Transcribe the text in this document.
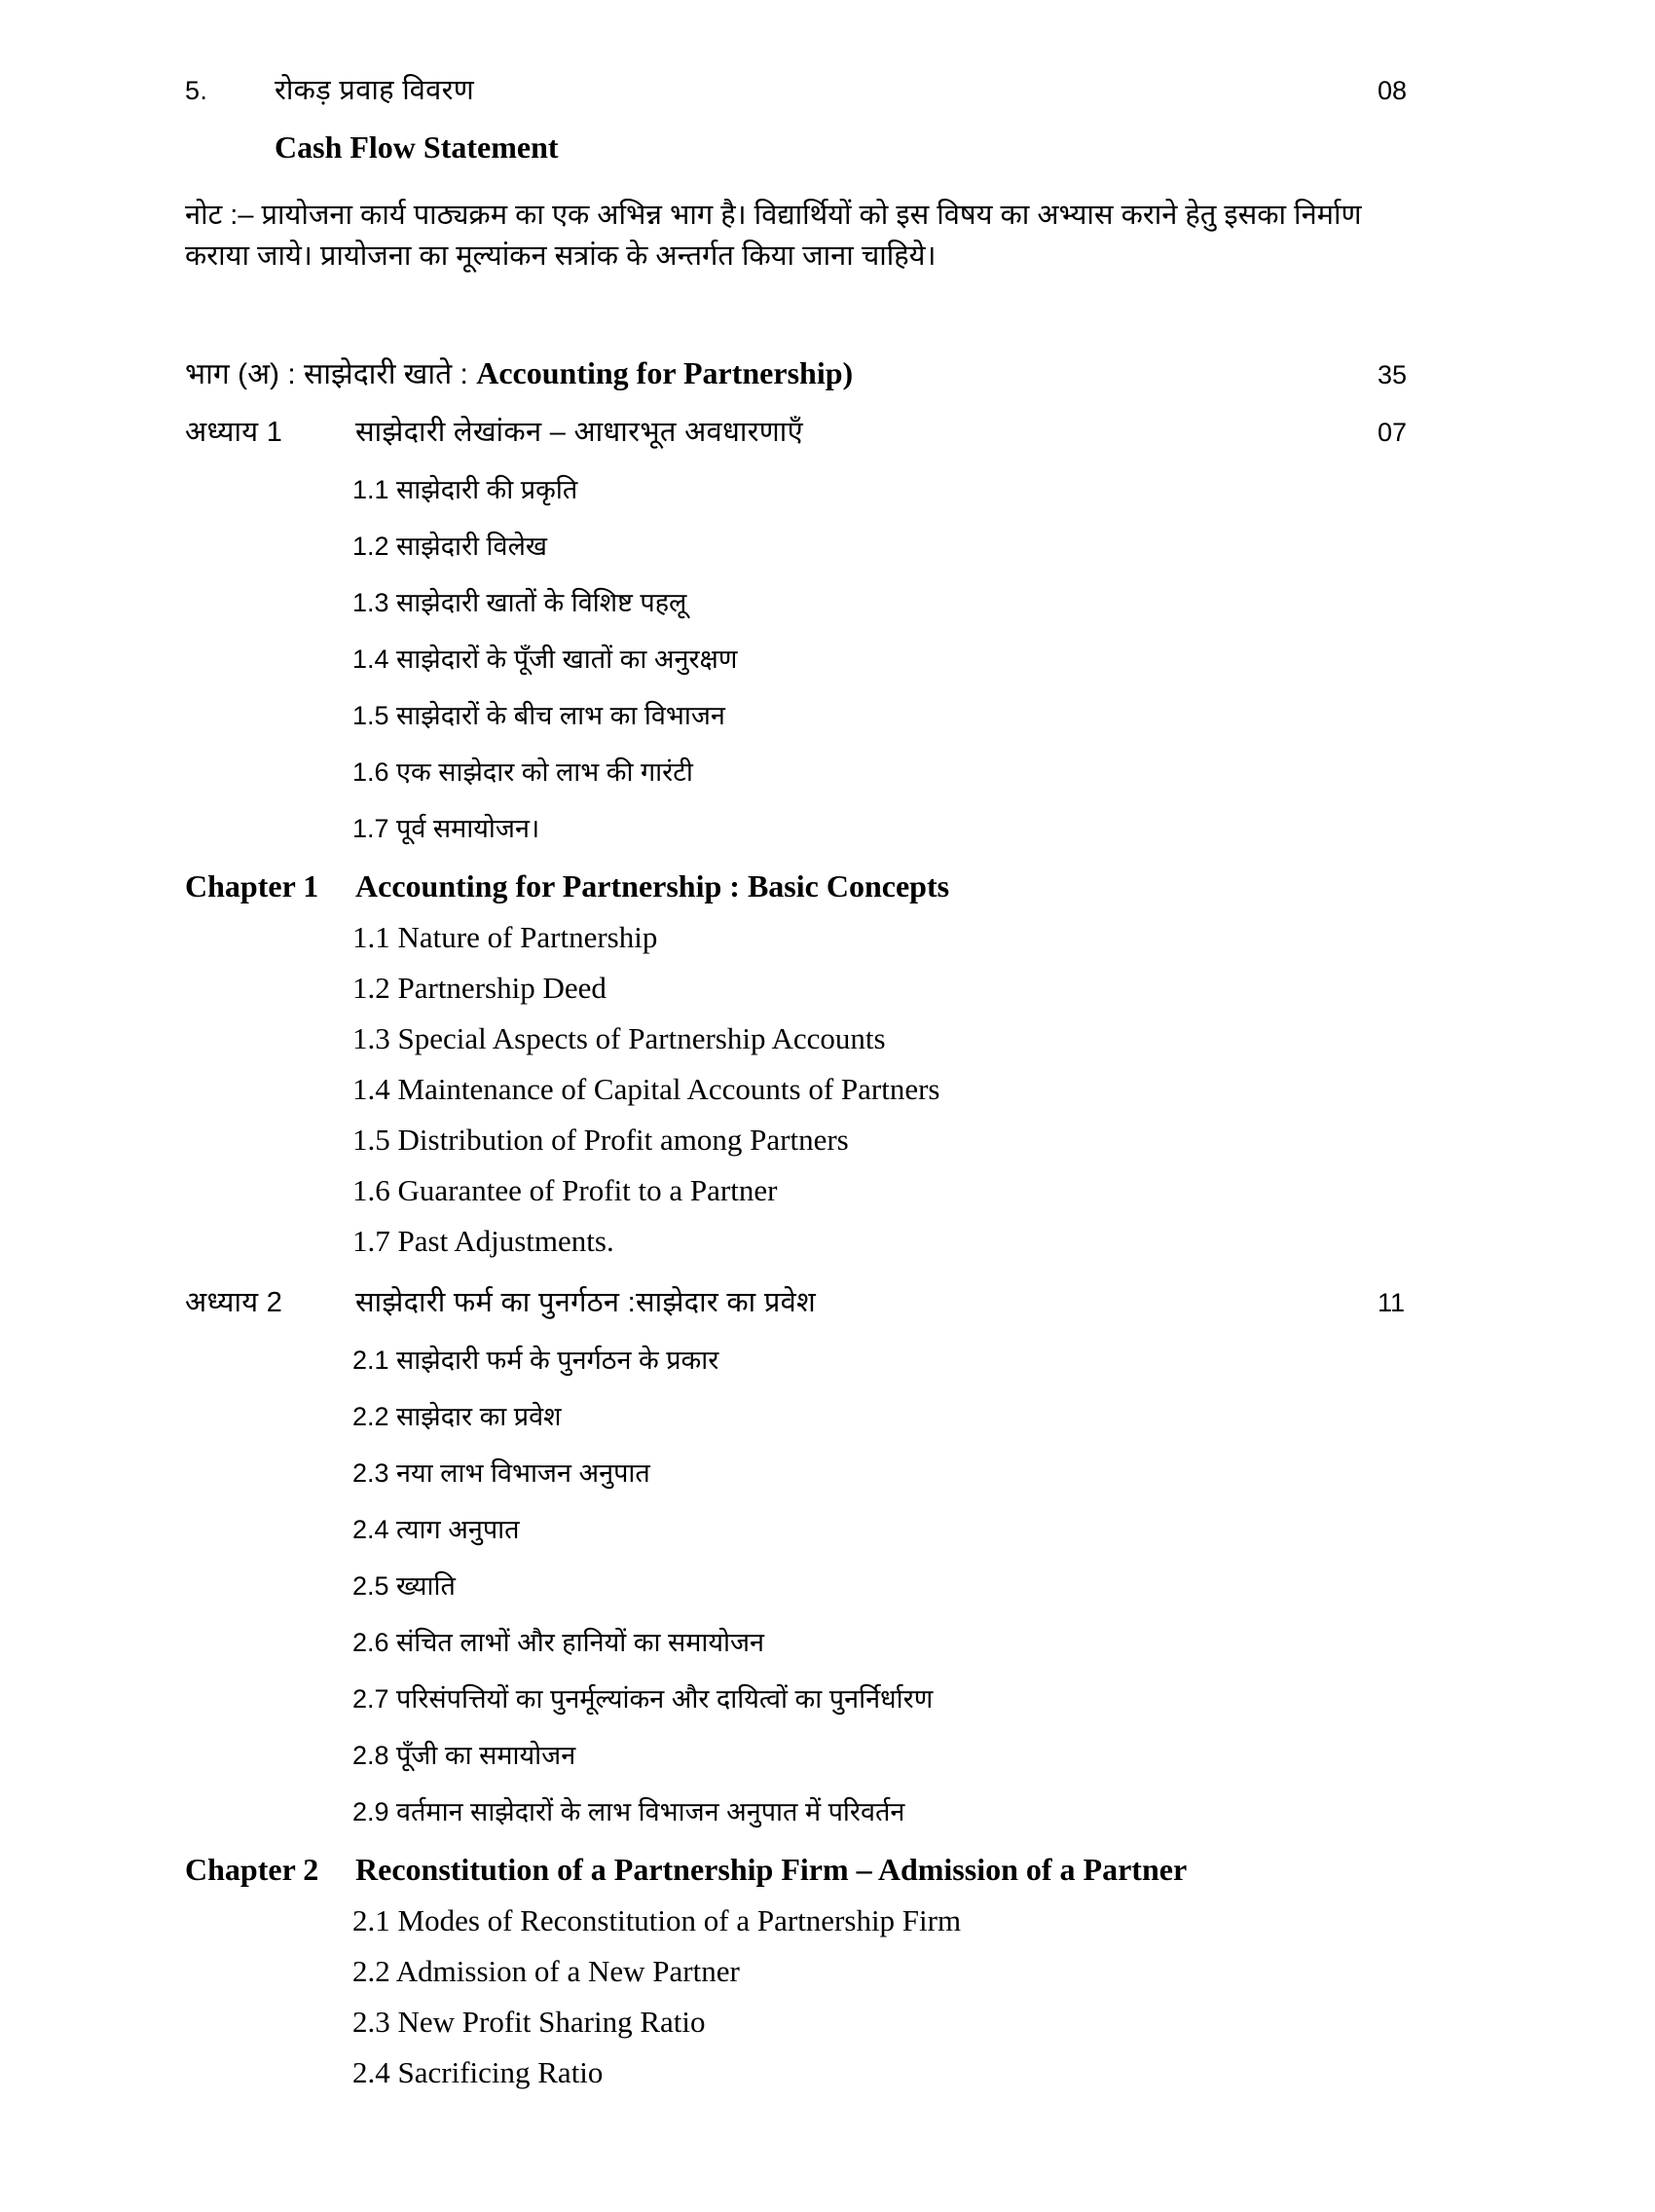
5.	रोकड़ प्रवाह विवरण	08
Cash Flow Statement
नोट :– प्रायोजना कार्य पाठ्यक्रम का एक अभिन्न भाग है। विद्यार्थियों को इस विषय का अभ्यास कराने हेतु इसका निर्माण
कराया जाये। प्रायोजना का मूल्यांकन सत्रांक के अन्तर्गत किया जाना चाहिये।
भाग (अ) : साझेदारी खाते : Accounting for Partnership)	35
अध्याय 1	साझेदारी लेखांकन – आधारभूत अवधारणाएँ	07
1.1 साझेदारी की प्रकृति
1.2 साझेदारी विलेख
1.3 साझेदारी खातों के विशिष्ट पहलू
1.4 साझेदारों के पूँजी खातों का अनुरक्षण
1.5 साझेदारों के बीच लाभ का विभाजन
1.6 एक साझेदार को लाभ की गारंटी
1.7 पूर्व समायोजन।
Chapter 1	Accounting for Partnership : Basic Concepts
1.1 Nature of Partnership
1.2 Partnership Deed
1.3 Special Aspects of Partnership Accounts
1.4 Maintenance of Capital Accounts of Partners
1.5 Distribution of Profit among Partners
1.6 Guarantee of Profit to a Partner
1.7 Past Adjustments.
अध्याय 2	साझेदारी फर्म का पुनर्गठन :साझेदार का प्रवेश	11
2.1 साझेदारी फर्म के पुनर्गठन के प्रकार
2.2 साझेदार का प्रवेश
2.3 नया लाभ विभाजन अनुपात
2.4 त्याग अनुपात
2.5 ख्याति
2.6 संचित लाभों और हानियों का समायोजन
2.7 परिसंपत्तियों का पुनर्मूल्यांकन और दायित्वों का पुनर्निर्धारण
2.8 पूँजी का समायोजन
2.9 वर्तमान साझेदारों के लाभ विभाजन अनुपात में परिवर्तन
Chapter 2	Reconstitution of a Partnership Firm – Admission of a Partner
2.1 Modes of Reconstitution of a Partnership Firm
2.2 Admission of a New Partner
2.3 New Profit Sharing Ratio
2.4 Sacrificing Ratio
